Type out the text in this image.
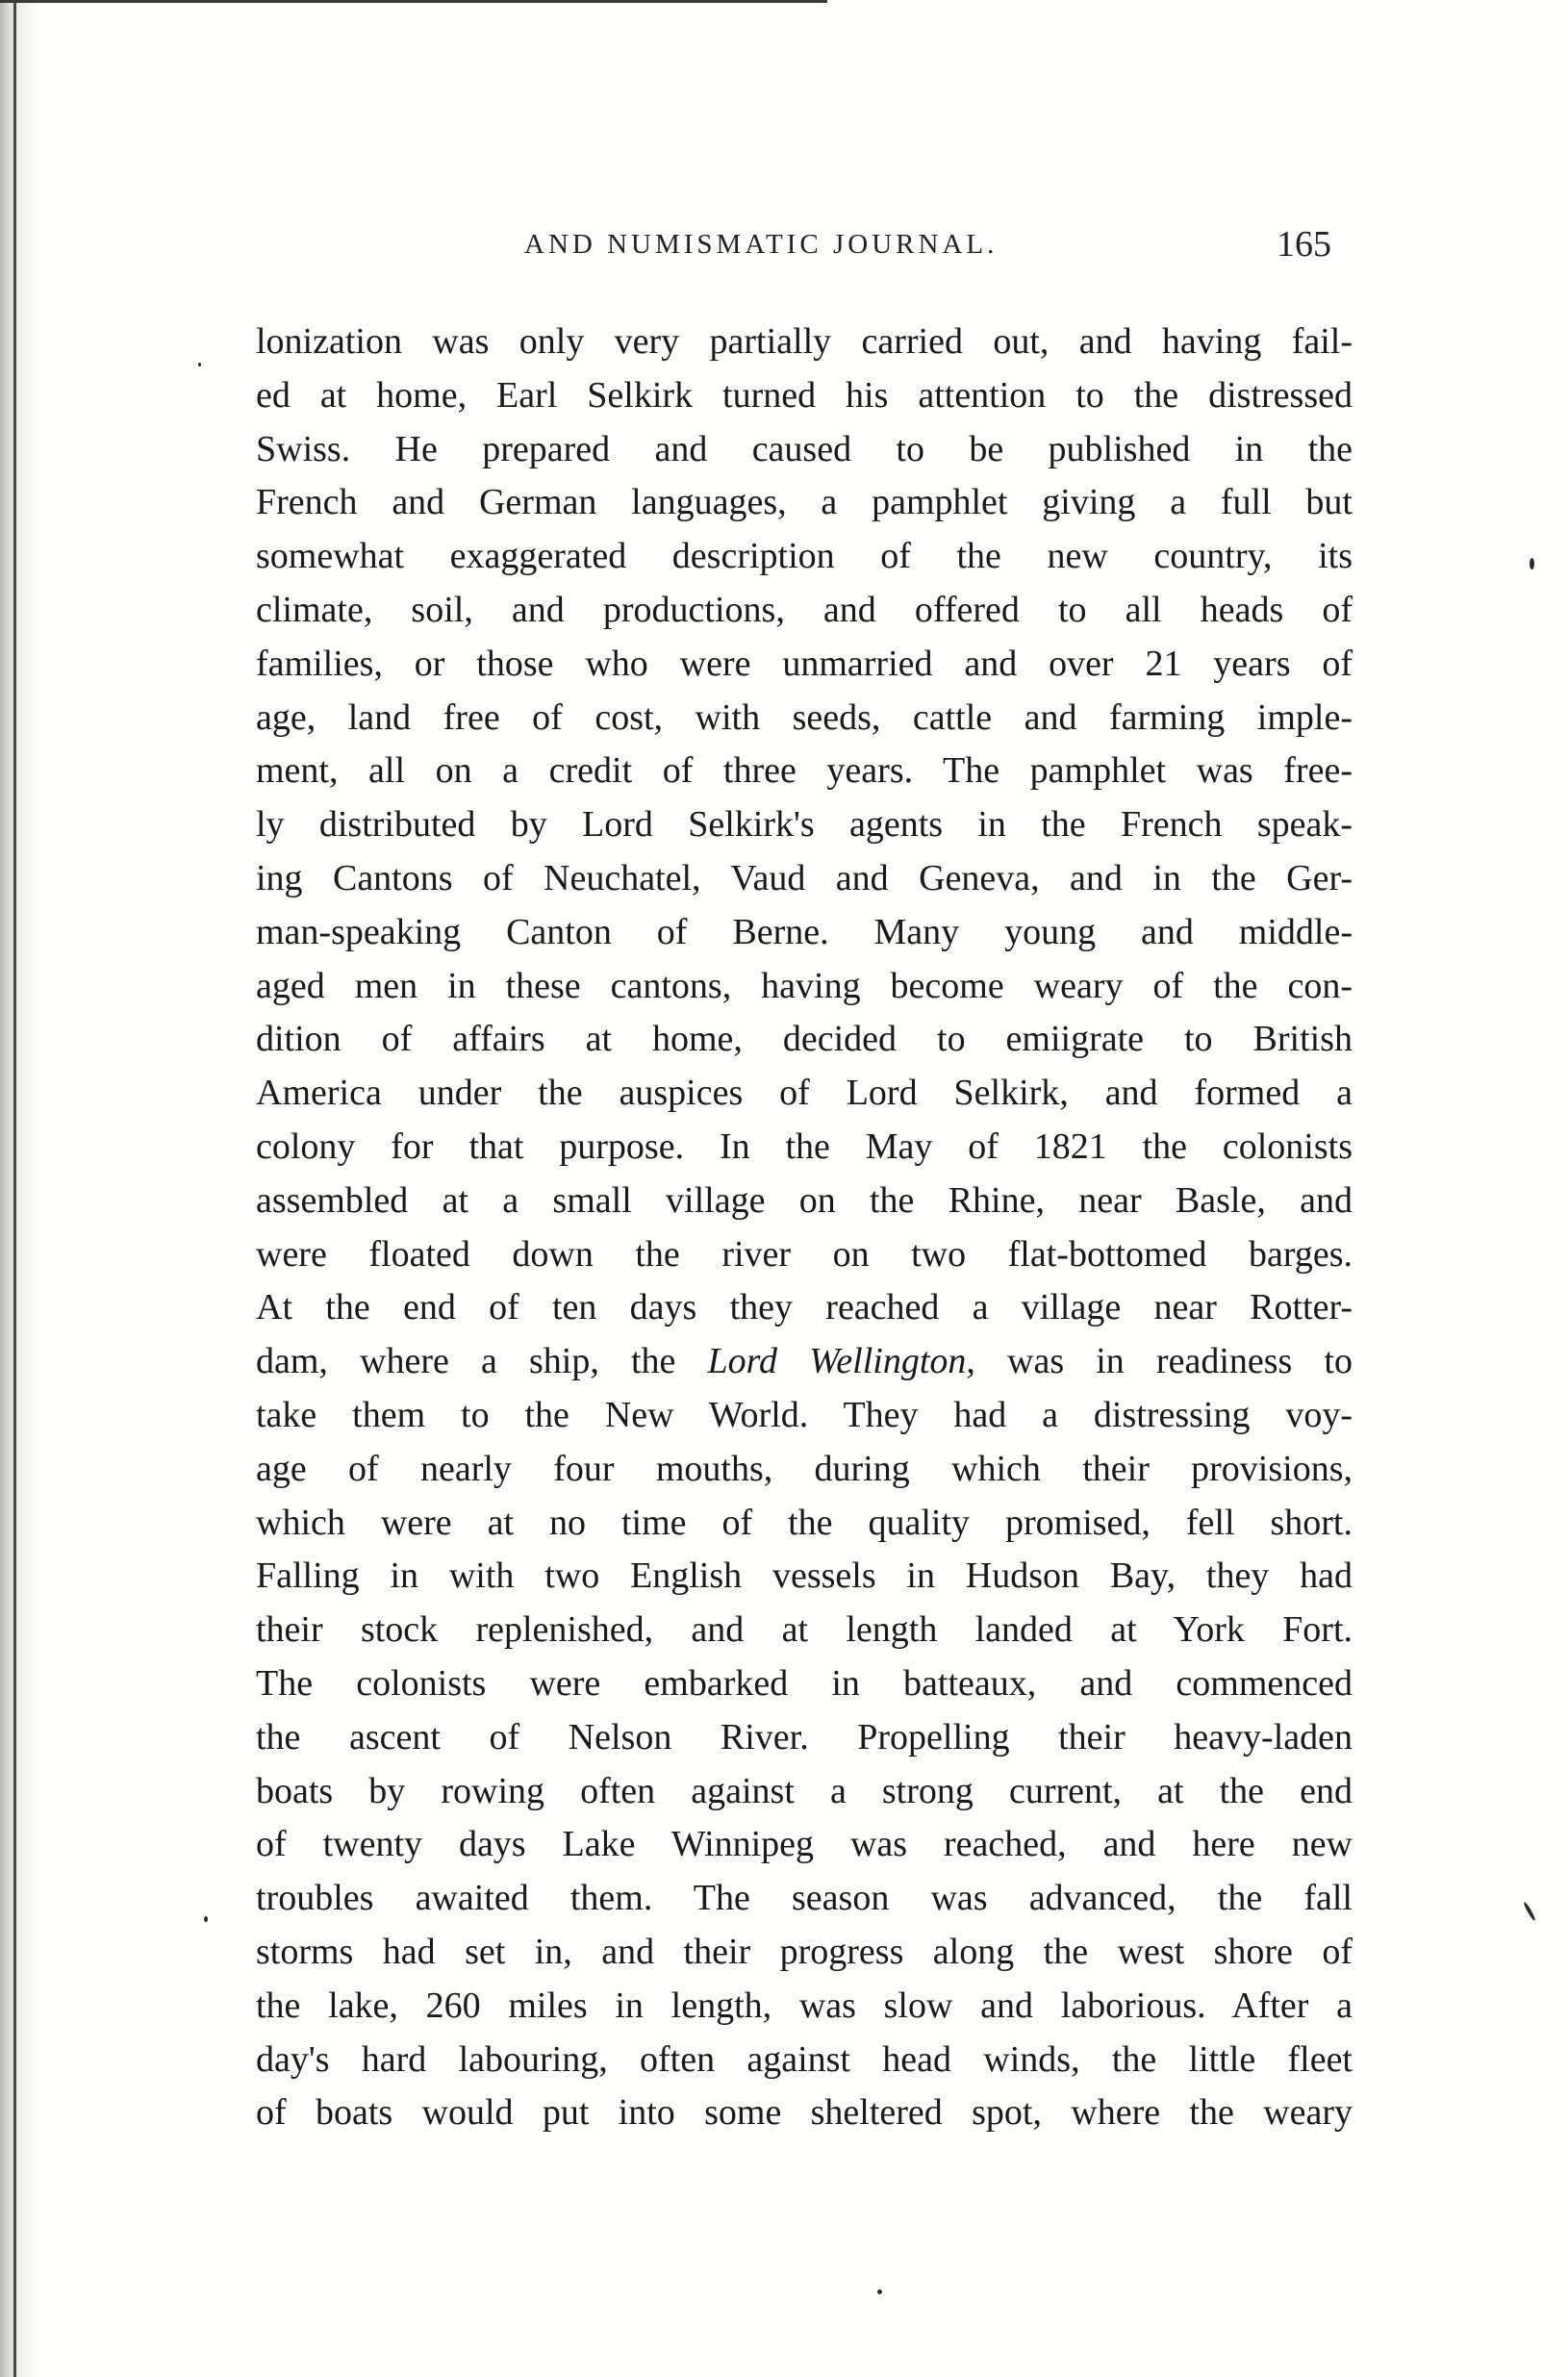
AND NUMISMATIC JOURNAL.	165
lonization was only very partially carried out, and having fail-
ed at home, Earl Selkirk turned his attention to the distressed
Swiss. He prepared and caused to be published in the
French and German languages, a pamphlet giving a full but
somewhat exaggerated description of the new country, its
climate, soil, and productions, and offered to all heads of
families, or those who were unmarried and over 21 years of
age, land free of cost, with seeds, cattle and farming imple-
ment, all on a credit of three years. The pamphlet was free-
ly distributed by Lord Selkirk's agents in the French speak-
ing Cantons of Neuchatel, Vaud and Geneva, and in the Ger-
man-speaking Canton of Berne. Many young and middle-
aged men in these cantons, having become weary of the con-
dition of affairs at home, decided to emiigrate to British
America under the auspices of Lord Selkirk, and formed a
colony for that purpose. In the May of 1821 the colonists
assembled at a small village on the Rhine, near Basle, and
were floated down the river on two flat-bottomed barges.
At the end of ten days they reached a village near Rotter-
dam, where a ship, the Lord Wellington, was in readiness to
take them to the New World. They had a distressing voy-
age of nearly four mouths, during which their provisions,
which were at no time of the quality promised, fell short.
Falling in with two English vessels in Hudson Bay, they had
their stock replenished, and at length landed at York Fort.
The colonists were embarked in batteaux, and commenced
the ascent of Nelson River. Propelling their heavy-laden
boats by rowing often against a strong current, at the end
of twenty days Lake Winnipeg was reached, and here new
troubles awaited them. The season was advanced, the fall
storms had set in, and their progress along the west shore of
the lake, 260 miles in length, was slow and laborious. After a
day's hard labouring, often against head winds, the little fleet
of boats would put into some sheltered spot, where the weary
